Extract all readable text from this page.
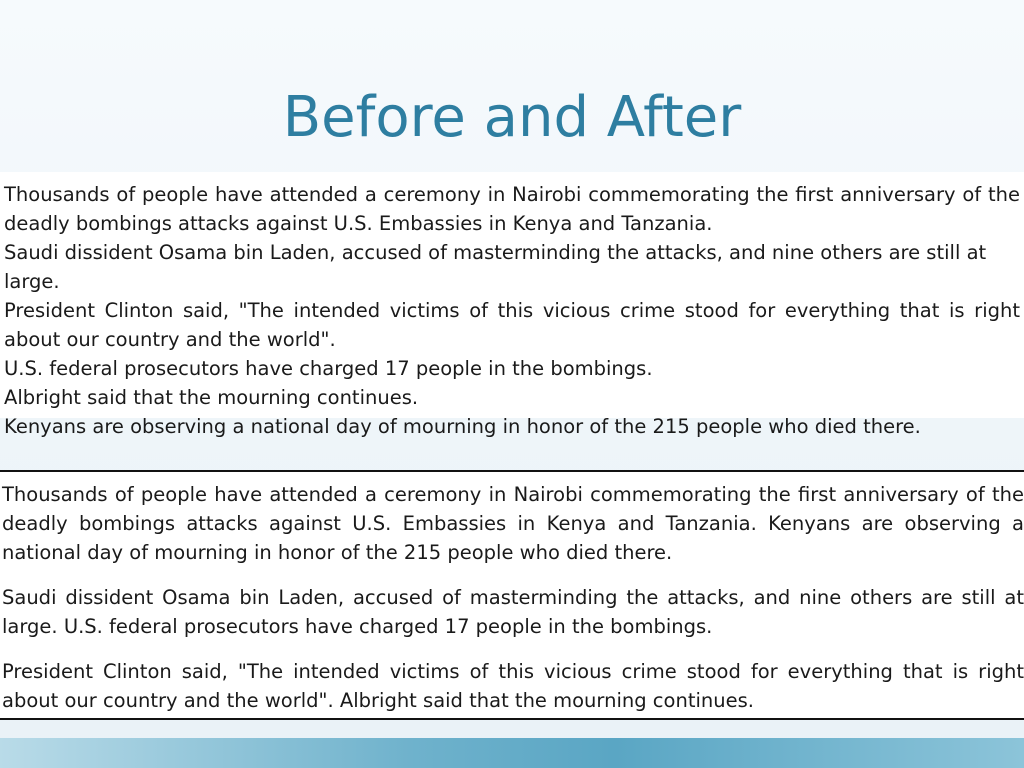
Before and After

Thousands of people have attended a ceremony in Nairobi commemorating the first anniversary of the deadly bombings attacks against U.S. Embassies in Kenya and Tanzania.

Saudi dissident Osama bin Laden, accused of masterminding the attacks, and nine others are still at large.

President Clinton said, "The intended victims of this vicious crime stood for everything that is right about our country and the world".

U.S. federal prosecutors have charged 17 people in the bombings.

Albright said that the mourning continues.

Kenyans are observing a national day of mourning in honor of the 215 people who died there.

Thousands of people have attended a ceremony in Nairobi commemorating the first anniversary of the deadly bombings attacks against U.S. Embassies in Kenya and Tanzania. Kenyans are observing a national day of mourning in honor of the 215 people who died there.

Saudi dissident Osama bin Laden, accused of masterminding the attacks, and nine others are still at large. U.S. federal prosecutors have charged 17 people in the bombings.

President Clinton said, "The intended victims of this vicious crime stood for everything that is right about our country and the world". Albright said that the mourning continues.
